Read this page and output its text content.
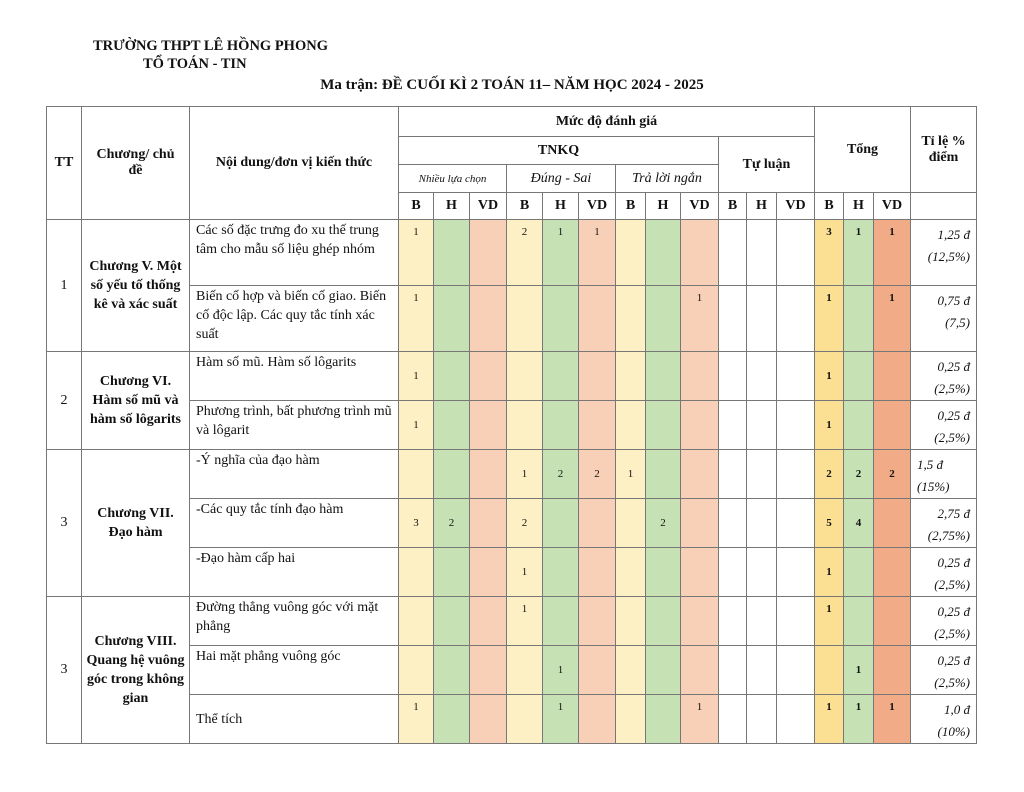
TRƯỜNG THPT LÊ HỒNG PHONG
TỔ TOÁN - TIN
Ma trận: ĐỀ CUỐI KÌ 2 TOÁN 11– NĂM HỌC 2024 - 2025
TT	Chương/ chủ đề	Nội dung/đơn vị kiến thức	Mức độ đánh giá												Tổng			Tỉ lệ % điểm
			TNKQ									Tự luận						
			Nhiều lựa chọn			Đúng - Sai			Trả lời ngắn									
			B	H	VD	B	H	VD	B	H	VD	B	H	VD	B	H	VD	
1	Chương V. Một số yếu tố thống kê và xác suất	Các số đặc trưng đo xu thế trung tâm cho mẫu số liệu ghép nhóm	1			2	1	1							3	1	1	1,25 đ (12,5%)
		Biến cố hợp và biến cố giao. Biến cố độc lập. Các quy tắc tính xác suất	1								1				1		1	0,75 đ (7,5)
2	Chương VI. Hàm số mũ và hàm số lôgarits	Hàm số mũ. Hàm số lôgarits	1												1			0,25 đ (2,5%)
		Phương trình, bất phương trình mũ và lôgarit	1												1			0,25 đ (2,5%)
3	Chương VII. Đạo hàm	-Ý nghĩa của đạo hàm				1	2	2	1						2	2	2	1,5 đ (15%)
		-Các quy tắc tính đạo hàm	3	2		2				2					5	4		2,75 đ (2,75%)
		-Đạo hàm cấp hai				1									1			0,25 đ (2,5%)
3	Chương VIII. Quang hệ vuông góc trong không gian	Đường thẳng vuông góc với mặt phẳng				1									1			0,25 đ (2,5%)
		Hai mặt phẳng vuông góc					1									1		0,25 đ (2,5%)
		Thể tích	1				1				1				1	1	1	1,0 đ (10%)
